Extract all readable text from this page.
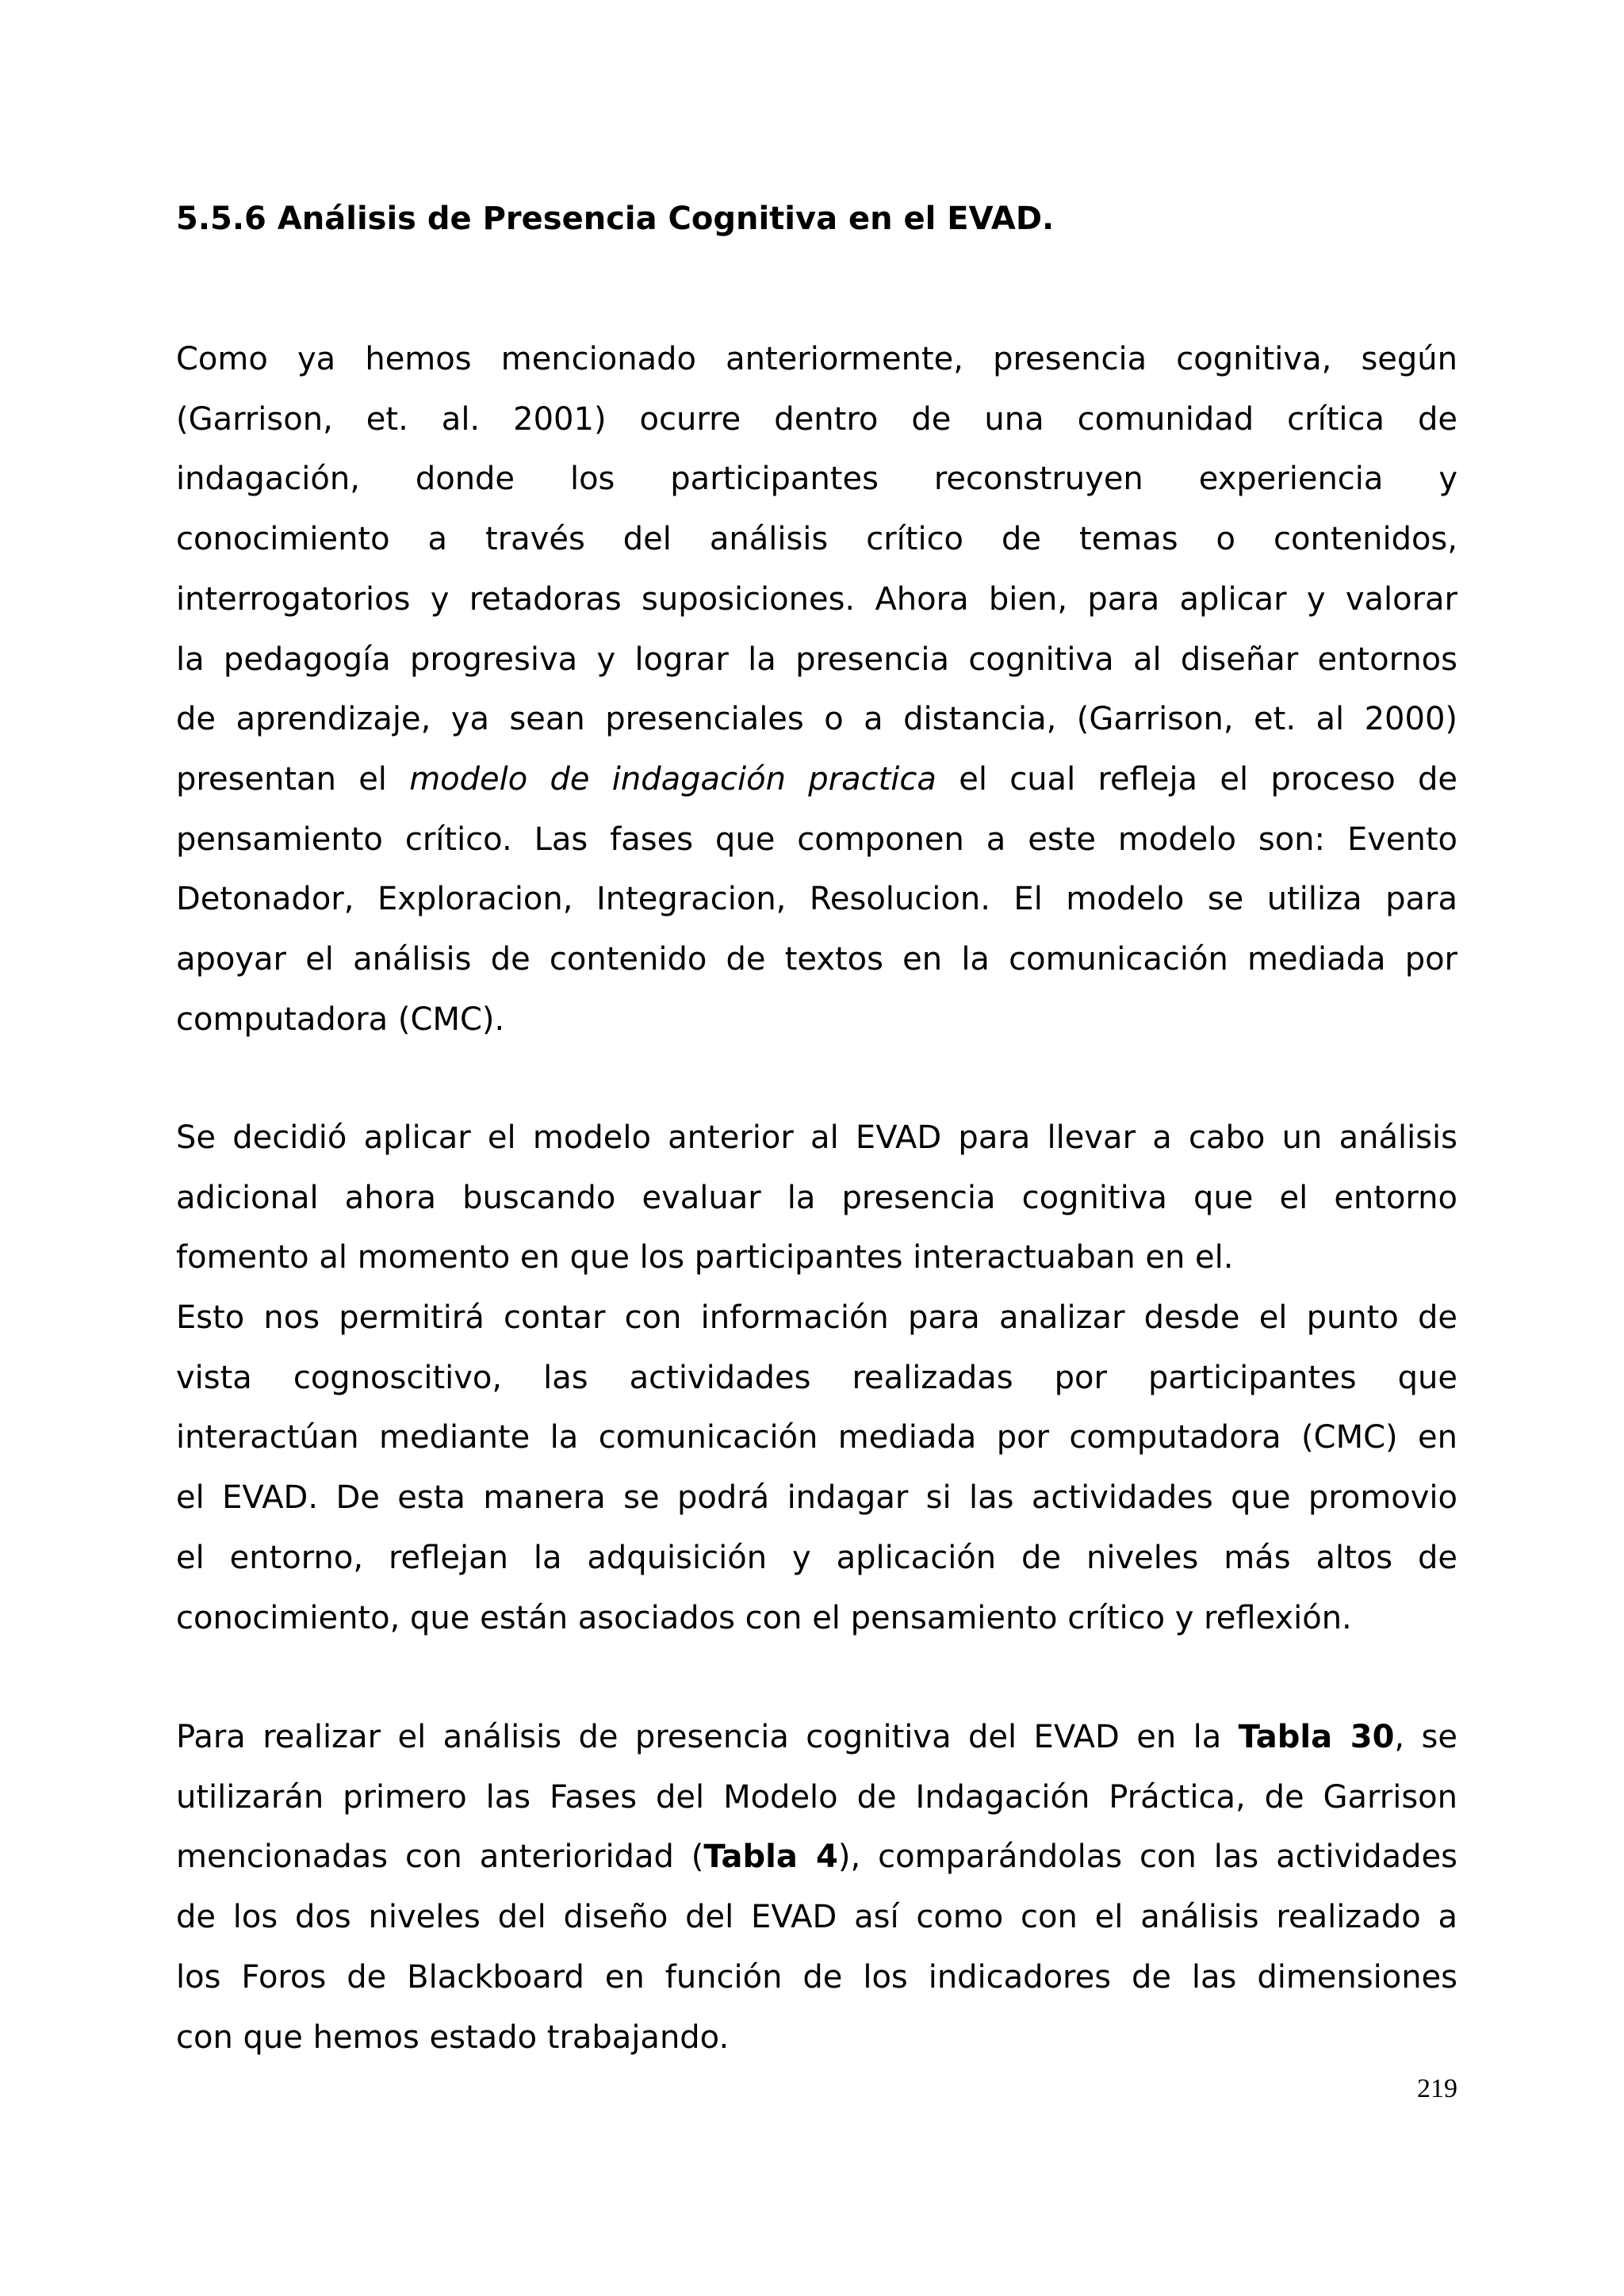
5.5.6 Análisis de Presencia Cognitiva en el EVAD.

Como ya hemos mencionado anteriormente, presencia cognitiva, según
(Garrison, et. al. 2001) ocurre dentro de una comunidad crítica de
indagación, donde los participantes reconstruyen experiencia y
conocimiento a través del análisis crítico de temas o contenidos,
interrogatorios y retadoras suposiciones. Ahora bien, para aplicar y valorar
la pedagogía progresiva y lograr la presencia cognitiva al diseñar entornos
de aprendizaje, ya sean presenciales o a distancia, (Garrison, et. al 2000)
presentan el modelo de indagación practica el cual refleja el proceso de
pensamiento crítico. Las fases que componen a este modelo son: Evento
Detonador, Exploracion, Integracion, Resolucion. El modelo se utiliza para
apoyar el análisis de contenido de textos en la comunicación mediada por
computadora (CMC).

Se decidió aplicar el modelo anterior al EVAD para llevar a cabo un análisis
adicional ahora buscando evaluar la presencia cognitiva que el entorno
fomento al momento en que los participantes interactuaban en el.

Esto nos permitirá contar con información para analizar desde el punto de
vista cognoscitivo, las actividades realizadas por participantes que
interactúan mediante la comunicación mediada por computadora (CMC) en
el EVAD. De esta manera se podrá indagar si las actividades que promovio
el entorno, reflejan la adquisición y aplicación de niveles más altos de
conocimiento, que están asociados con el pensamiento crítico y reflexión.

Para realizar el análisis de presencia cognitiva del EVAD en la Tabla 30, se
utilizarán primero las Fases del Modelo de Indagación Práctica, de Garrison
mencionadas con anterioridad (Tabla 4), comparándolas con las actividades
de los dos niveles del diseño del EVAD así como con el análisis realizado a
los Foros de Blackboard en función de los indicadores de las dimensiones
con que hemos estado trabajando.

219
